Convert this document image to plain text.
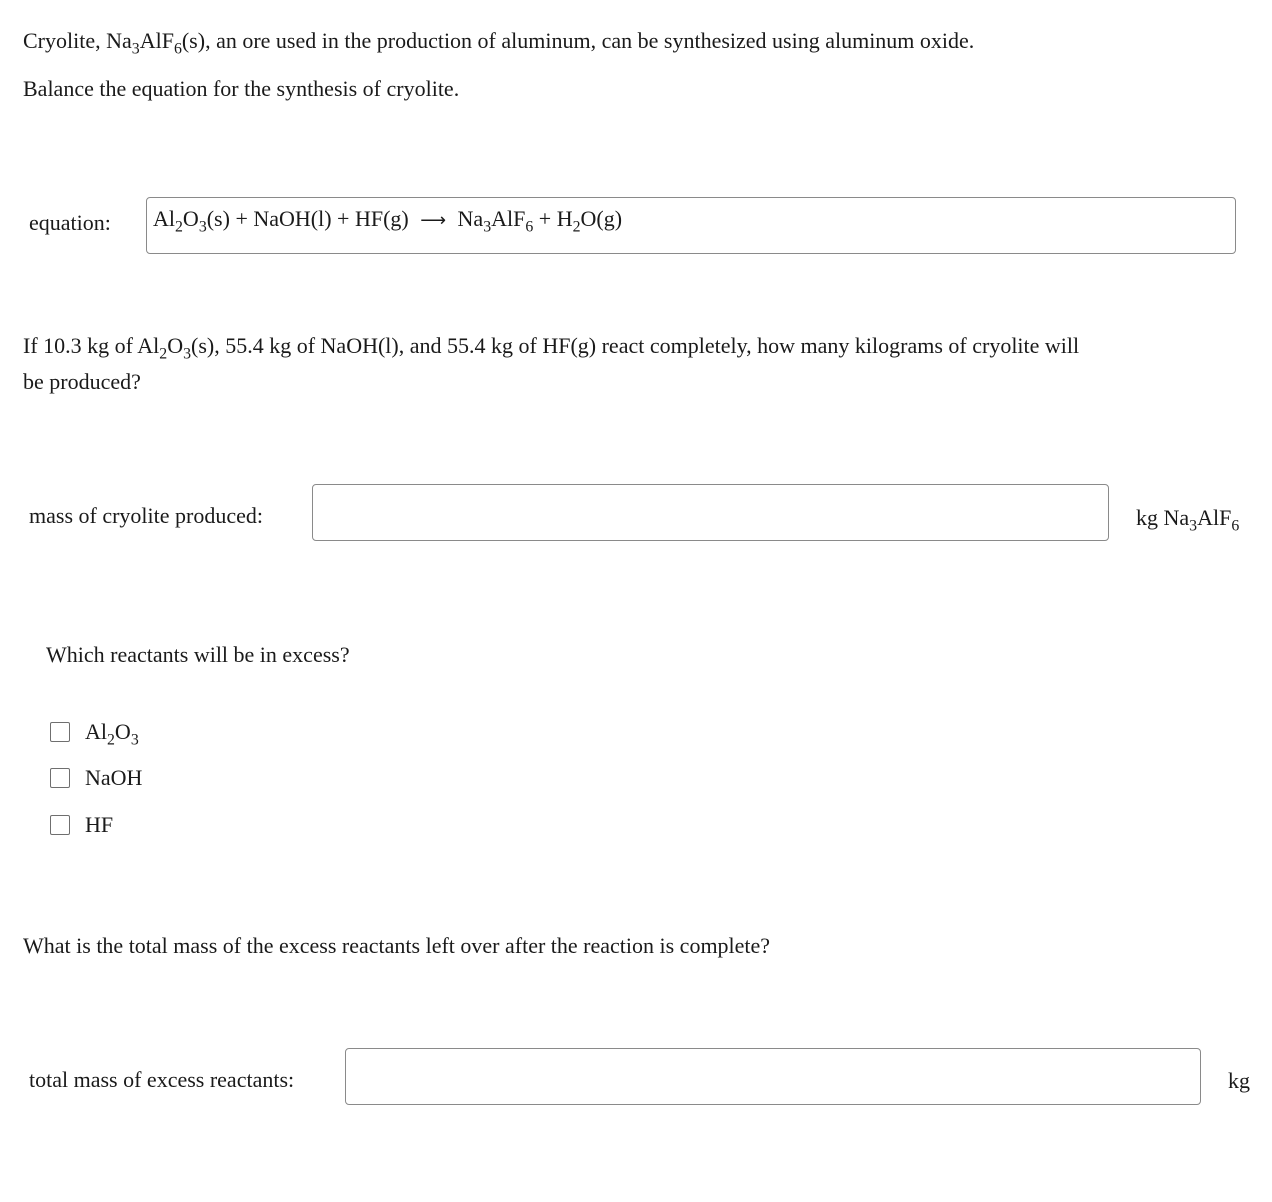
Cryolite, $Na_3AlF_6(s)$, an ore used in the production of aluminum, can be synthesized using aluminum oxide.
Balance the equation for the synthesis of cryolite.
equation: $Al_2O_3(s)$ + NaOH(l) + HF(g) ⟶ $Na_3AlF_6 + H_2O(g)$
If 10.3 kg of $Al_2O_3(s)$, 55.4 kg of NaOH(l), and 55.4 kg of HF(g) react completely, how many kilograms of cryolite will
be produced?
mass of cryolite produced:	kg $Na_3AlF_6$
Which reactants will be in excess?
$Al_2O_3$
NaOH
HF
What is the total mass of the excess reactants left over after the reaction is complete?
total mass of excess reactants:	kg
